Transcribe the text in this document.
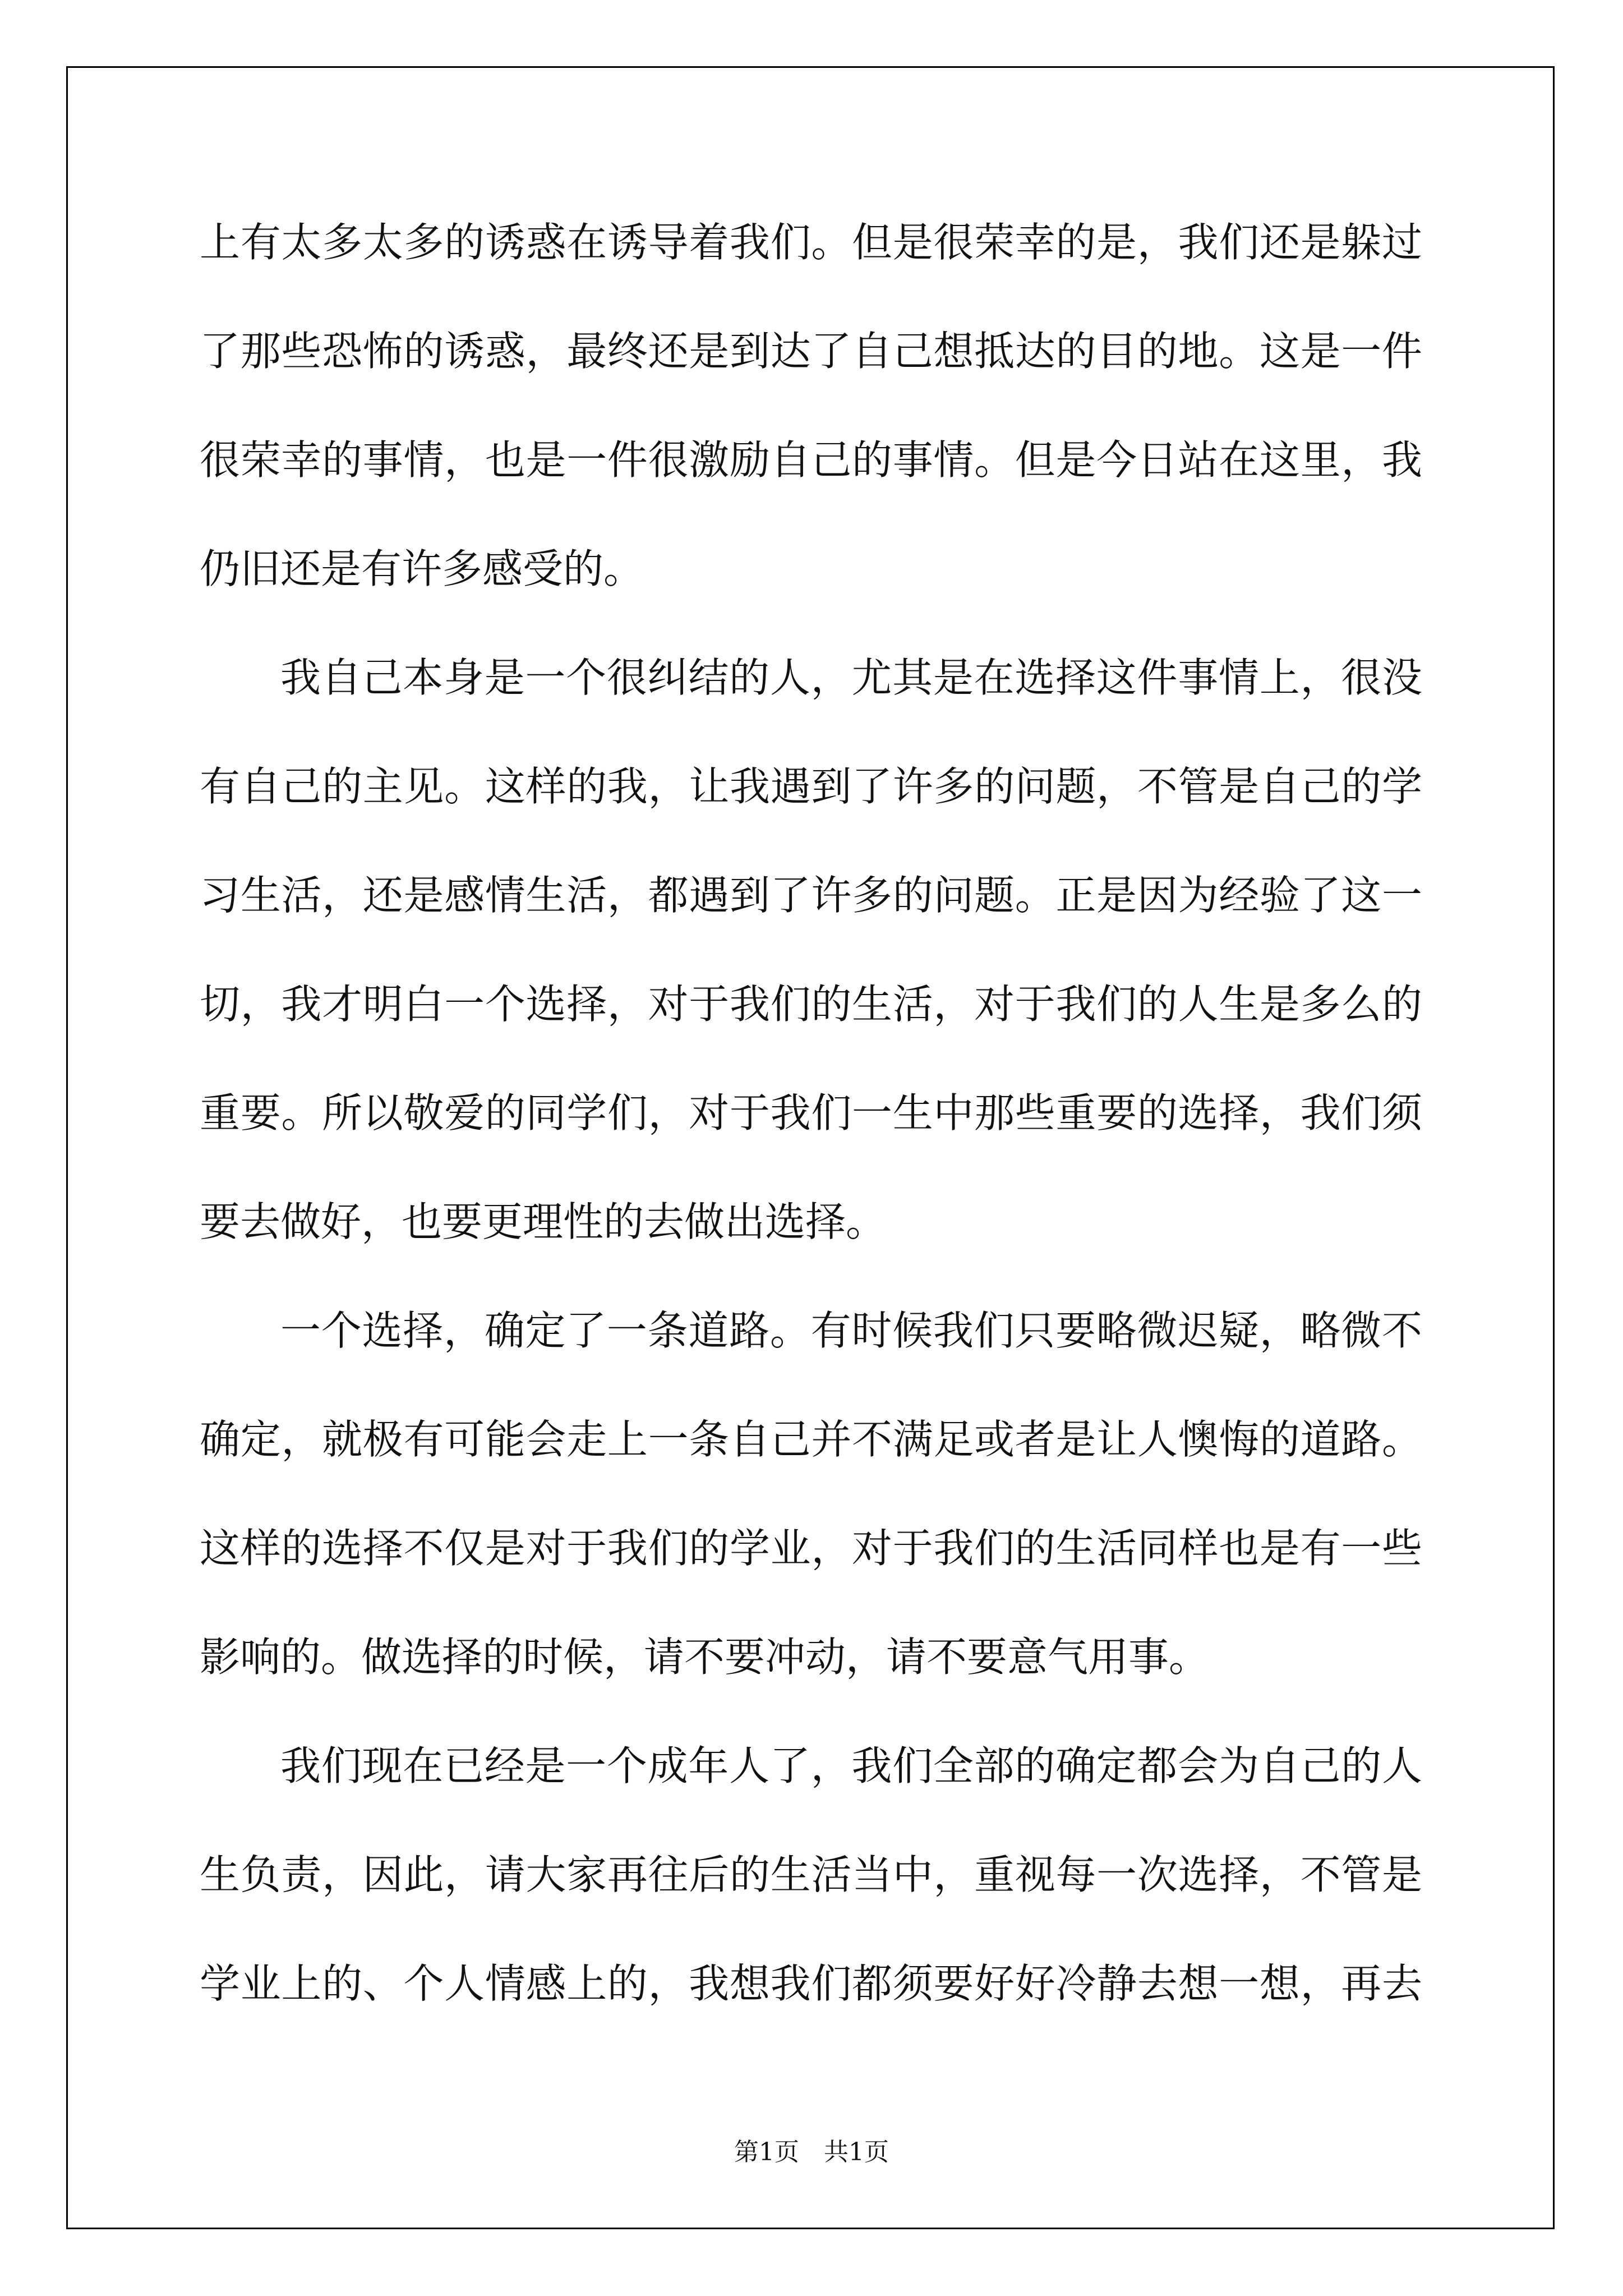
上有太多太多的诱惑在诱导着我们。但是很荣幸的是，我们还是躲过
了那些恐怖的诱惑，最终还是到达了自己想抵达的目的地。这是一件
很荣幸的事情，也是一件很激励自己的事情。但是今日站在这里，我
仍旧还是有许多感受的。
我自己本身是一个很纠结的人，尤其是在选择这件事情上，很没
有自己的主见。这样的我，让我遇到了许多的问题，不管是自己的学
习生活，还是感情生活，都遇到了许多的问题。正是因为经验了这一
切，我才明白一个选择，对于我们的生活，对于我们的人生是多么的
重要。所以敬爱的同学们，对于我们一生中那些重要的选择，我们须
要去做好，也要更理性的去做出选择。
一个选择，确定了一条道路。有时候我们只要略微迟疑，略微不
确定，就极有可能会走上一条自己并不满足或者是让人懊悔的道路。
这样的选择不仅是对于我们的学业，对于我们的生活同样也是有一些
影响的。做选择的时候，请不要冲动，请不要意气用事。
我们现在已经是一个成年人了，我们全部的确定都会为自己的人
生负责，因此，请大家再往后的生活当中，重视每一次选择，不管是
学业上的、个人情感上的，我想我们都须要好好冷静去想一想，再去
第1页　共1页
